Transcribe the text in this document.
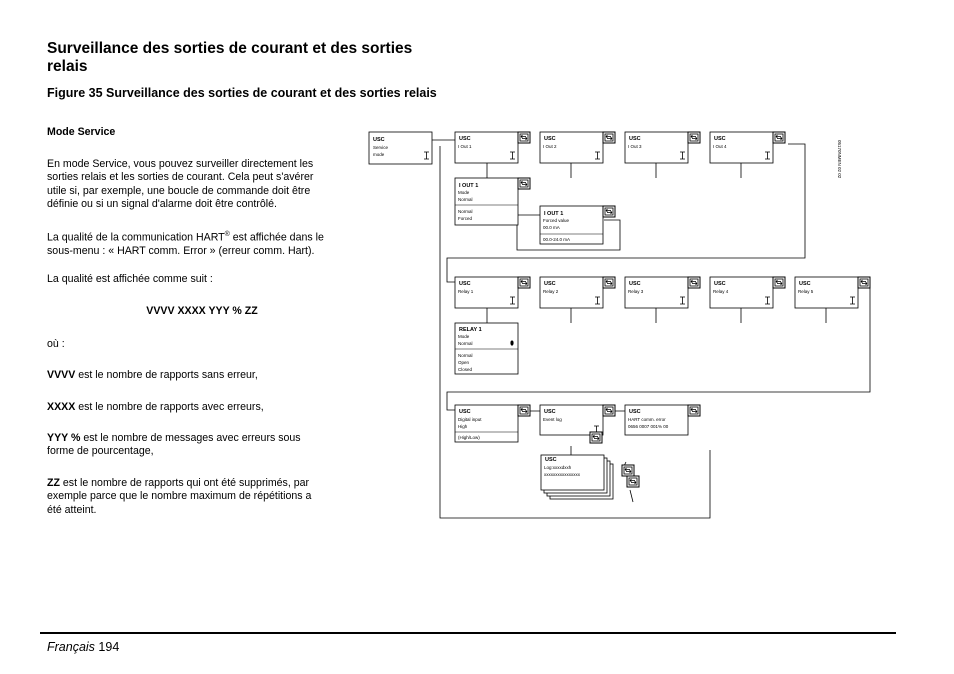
Surveillance des sorties de courant et des sorties
relais
Figure 35 Surveillance des sorties de courant et des sorties relais

Mode Service

En mode Service, vous pouvez surveiller directement les
sorties relais et les sorties de courant. Cela peut s'avérer
utile si, par exemple, une boucle de commande doit être
définie ou si un signal d'alarme doit être contrôlé.

La qualité de la communication HART® est affichée dans le
sous-menu : « HART comm. Error » (erreur comm. Hart).

La qualité est affichée comme suit :

VVVV XXXX YYY % ZZ

où :

VVVV est le nombre de rapports sans erreur,

XXXX est le nombre de rapports avec erreurs,

YYY % est le nombre de messages avec erreurs sous
forme de pourcentage,

ZZ est le nombre de rapports qui ont été supprimés, par
exemple parce que le nombre maximum de répétitions a
été atteint.

USC
Service
mode
USC
I Out 1
USC
I Out 2
USC
I Out 3
USC
I Out 4
I OUT 1
Mode
Normal
Normal
Forced
I OUT 1
Forced value
00.0 mA
00.0-24.0 mA
USC
Relay 1
USC
Relay 2
USC
Relay 3
USC
Relay 4
USC
Relay 5
RELAY 1
Mode
Normal
Normal
Open
Closed
USC
Digital input
High
(High/Low)
USC
Event log
USC
HART comm. error
0656 0007 001% 00
USC
Log:xxxxdxxh
xxxxxxxxxxxxxxxx
05170NMEN 02 02
Français 194
